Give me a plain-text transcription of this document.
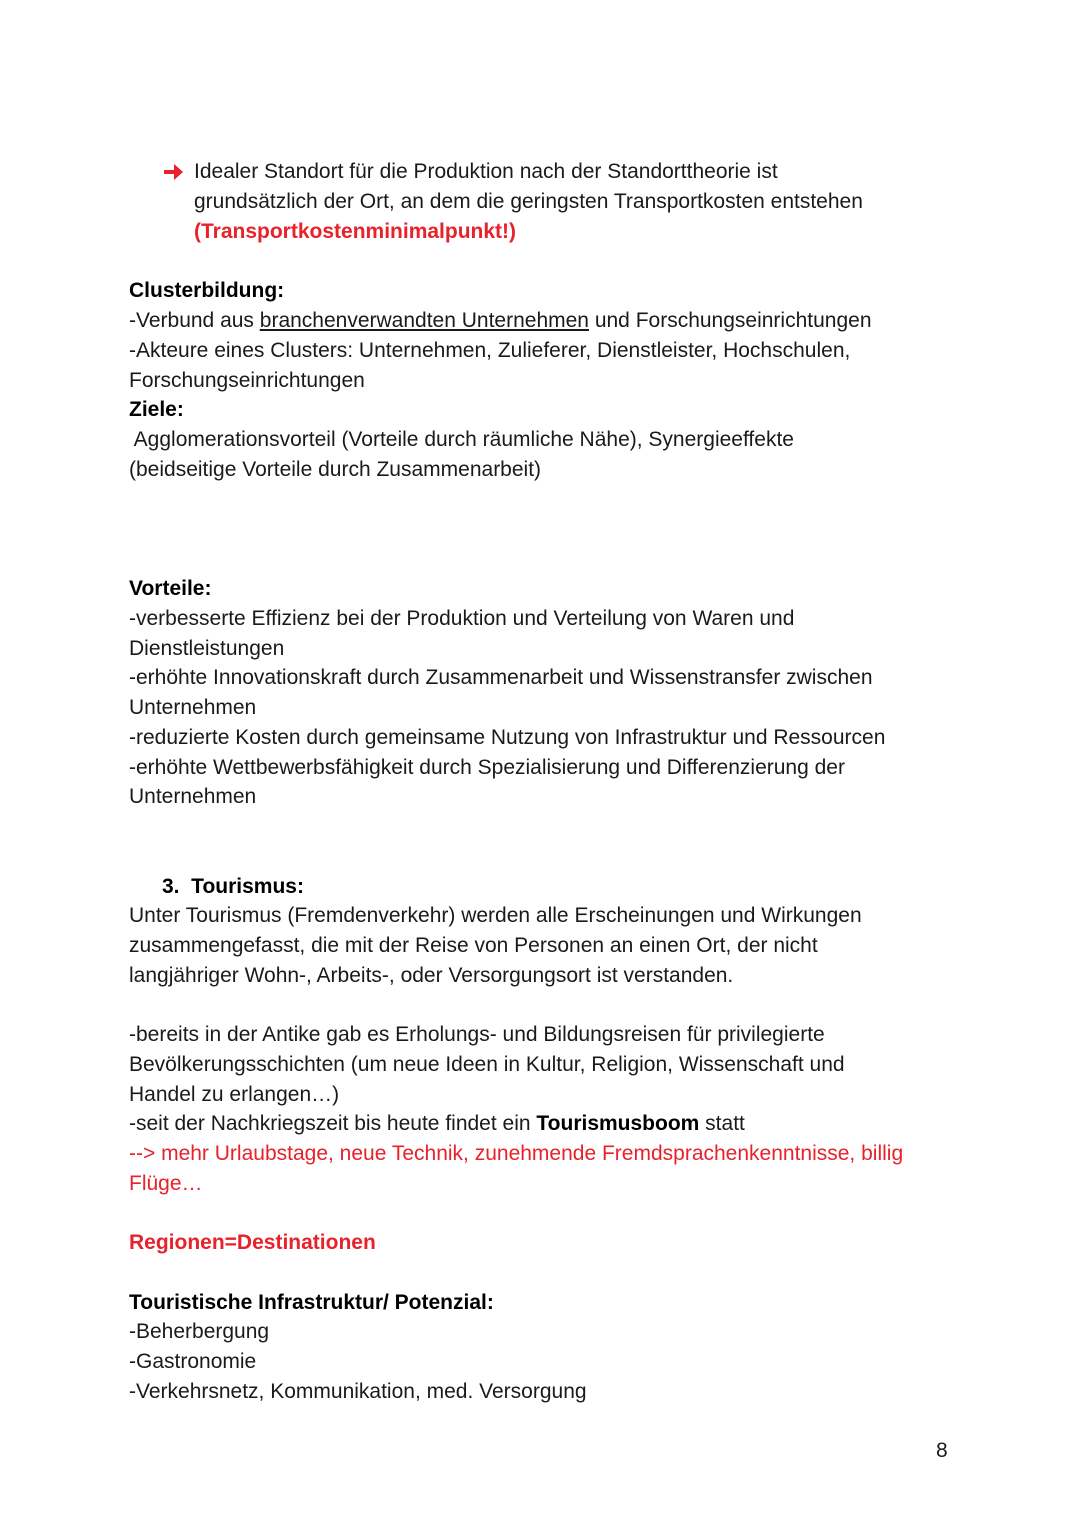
Idealer Standort für die Produktion nach der Standorttheorie ist
grundsätzlich der Ort, an dem die geringsten Transportkosten entstehen
(Transportkostenminimalpunkt!)
Clusterbildung:
-Verbund aus branchenverwandten Unternehmen und Forschungseinrichtungen
-Akteure eines Clusters: Unternehmen, Zulieferer, Dienstleister, Hochschulen,
Forschungseinrichtungen
Ziele:
Agglomerationsvorteil (Vorteile durch räumliche Nähe), Synergieeffekte
(beidseitige Vorteile durch Zusammenarbeit)
Vorteile:
-verbesserte Effizienz bei der Produktion und Verteilung von Waren und
Dienstleistungen
-erhöhte Innovationskraft durch Zusammenarbeit und Wissenstransfer zwischen
Unternehmen
-reduzierte Kosten durch gemeinsame Nutzung von Infrastruktur und Ressourcen
-erhöhte Wettbewerbsfähigkeit durch Spezialisierung und Differenzierung der
Unternehmen
3.  Tourismus:
Unter Tourismus (Fremdenverkehr) werden alle Erscheinungen und Wirkungen
zusammengefasst, die mit der Reise von Personen an einen Ort, der nicht
langjähriger Wohn-, Arbeits-, oder Versorgungsort ist verstanden.
-bereits in der Antike gab es Erholungs- und Bildungsreisen für privilegierte
Bevölkerungsschichten (um neue Ideen in Kultur, Religion, Wissenschaft und
Handel zu erlangen…)
-seit der Nachkriegszeit bis heute findet ein Tourismusboom statt
--> mehr Urlaubstage, neue Technik, zunehmende Fremdsprachenkenntnisse, billig
Flüge…
Regionen=Destinationen
Touristische Infrastruktur/ Potenzial:
-Beherbergung
-Gastronomie
-Verkehrsnetz, Kommunikation, med. Versorgung
8
